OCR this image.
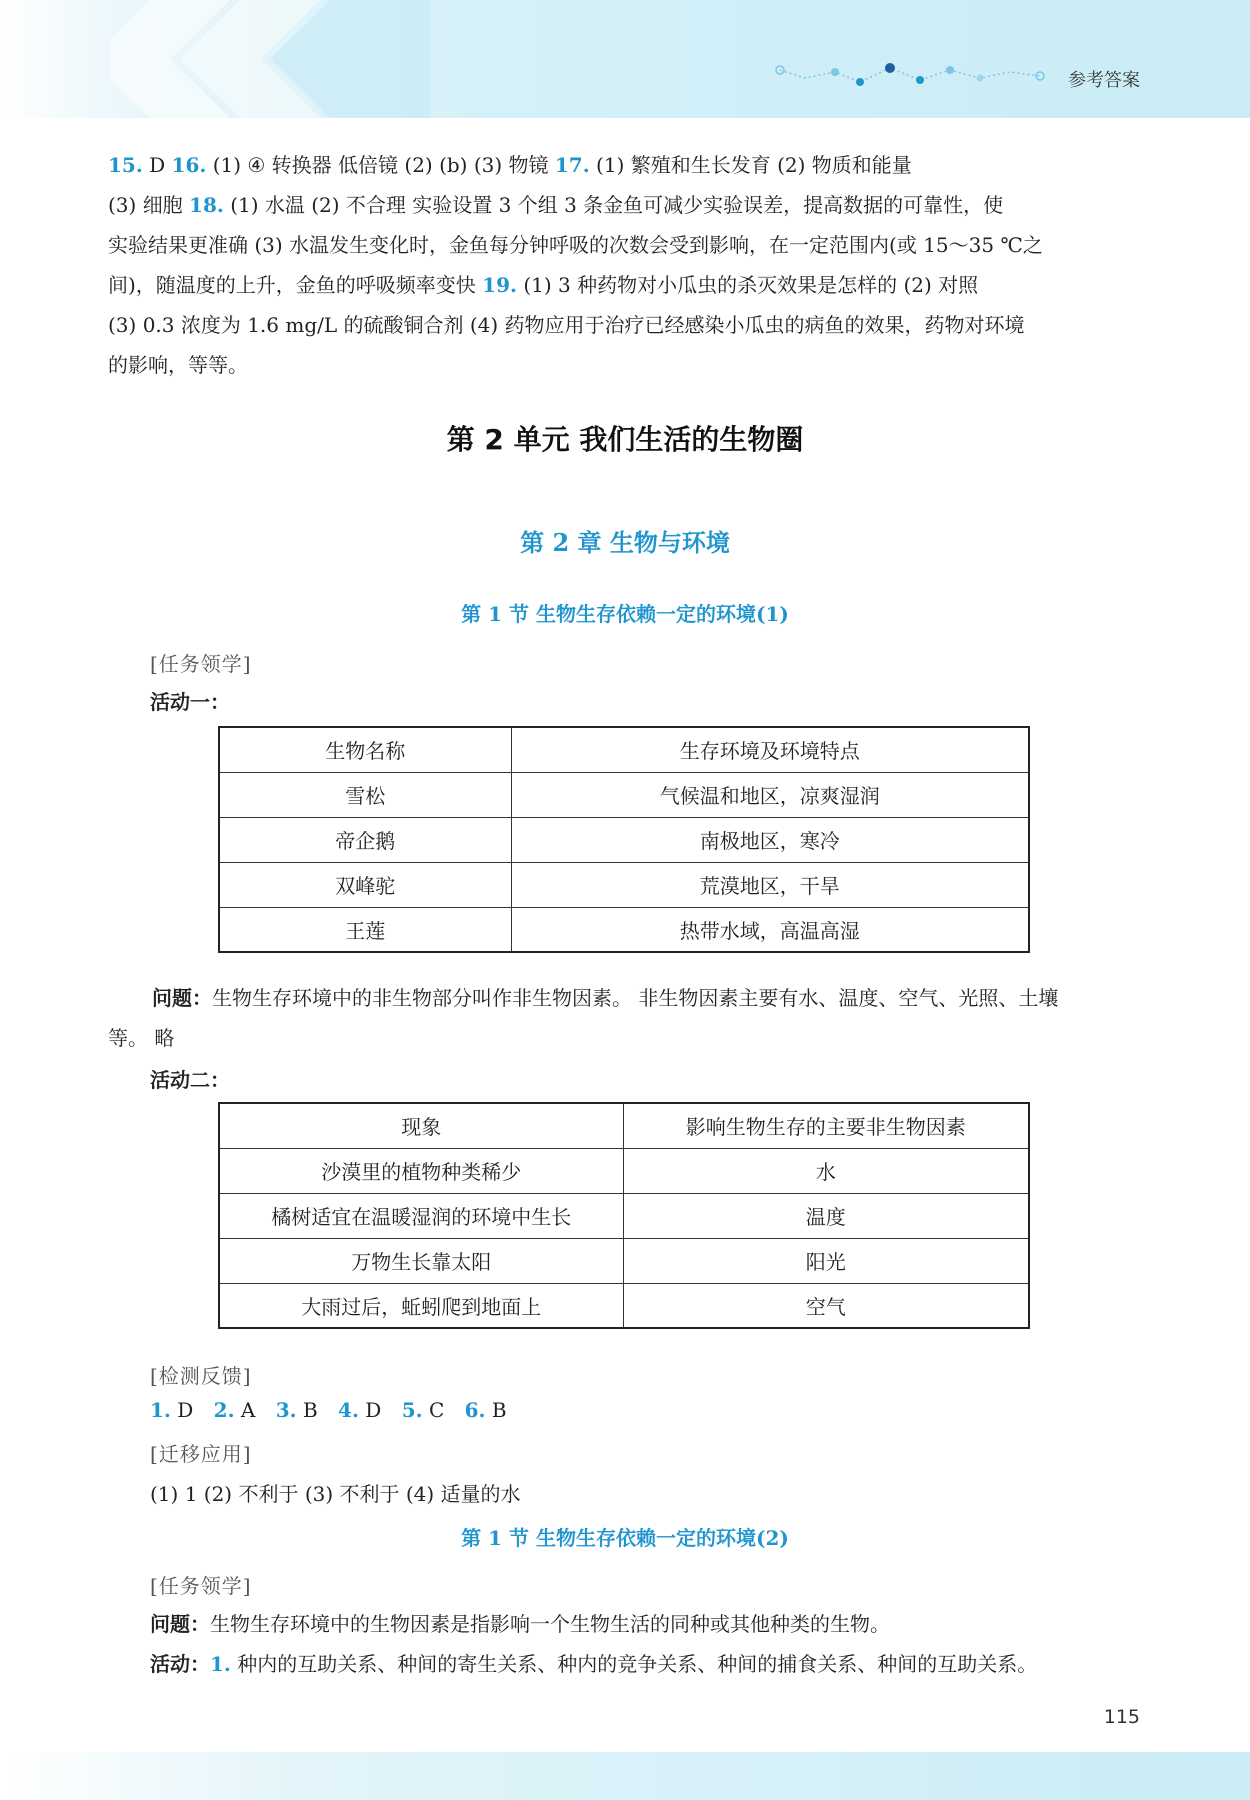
参考答案
15. D 16. (1) ④ 转换器 低倍镜 (2) (b) (3) 物镜 17. (1) 繁殖和生长发育 (2) 物质和能量
(3) 细胞 18. (1) 水温 (2) 不合理 实验设置 3 个组 3 条金鱼可减少实验误差，提高数据的可靠性，使
实验结果更准确 (3) 水温发生变化时，金鱼每分钟呼吸的次数会受到影响，在一定范围内(或 15～35 ℃之
间)，随温度的上升，金鱼的呼吸频率变快 19. (1) 3 种药物对小瓜虫的杀灭效果是怎样的 (2) 对照
(3) 0.3 浓度为 1.6 mg/L 的硫酸铜合剂 (4) 药物应用于治疗已经感染小瓜虫的病鱼的效果，药物对环境
的影响，等等。
第 2 单元 我们生活的生物圈
第 2 章 生物与环境
第 1 节 生物生存依赖一定的环境(1)
[任务领学]
活动一：
生物名称	生存环境及环境特点
雪松	气候温和地区，凉爽湿润
帝企鹅	南极地区，寒冷
双峰驼	荒漠地区，干旱
王莲	热带水域，高温高湿
问题：生物生存环境中的非生物部分叫作非生物因素。 非生物因素主要有水、温度、空气、光照、土壤
等。 略
活动二：
现象	影响生物生存的主要非生物因素
沙漠里的植物种类稀少	水
橘树适宜在温暖湿润的环境中生长	温度
万物生长靠太阳	阳光
大雨过后，蚯蚓爬到地面上	空气
[检测反馈]
1. D 2. A 3. B 4. D 5. C 6. B
[迁移应用]
(1) 1 (2) 不利于 (3) 不利于 (4) 适量的水
第 1 节 生物生存依赖一定的环境(2)
[任务领学]
问题：生物生存环境中的生物因素是指影响一个生物生活的同种或其他种类的生物。
活动：1. 种内的互助关系、种间的寄生关系、种内的竞争关系、种间的捕食关系、种间的互助关系。
115
